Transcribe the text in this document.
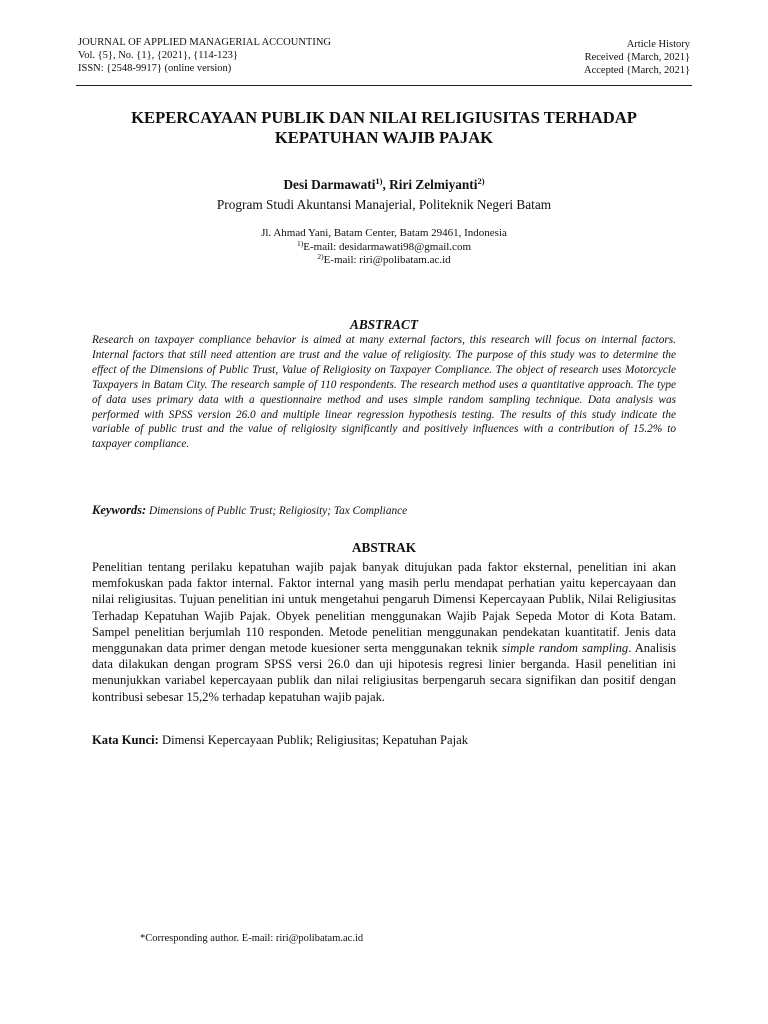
JOURNAL OF APPLIED MANAGERIAL ACCOUNTING
Vol. {5}, No. {1}, {2021}, {114-123}
ISSN: {2548-9917} (online version)
Article History
Received {March, 2021}
Accepted {March, 2021}
KEPERCAYAAN PUBLIK DAN NILAI RELIGIUSITAS TERHADAP
KEPATUHAN WAJIB PAJAK
Desi Darmawati$^{1)}$, Riri Zelmiyanti$^{2)}$
Program Studi Akuntansi Manajerial, Politeknik Negeri Batam
Jl. Ahmad Yani, Batam Center, Batam 29461, Indonesia
$^{1)}$E-mail: desidarmawati98@gmail.com
$^{2)}$E-mail: riri@polibatam.ac.id
ABSTRACT
Research on taxpayer compliance behavior is aimed at many external factors, this research will focus on internal factors. Internal factors that still need attention are trust and the value of religiosity. The purpose of this study was to determine the effect of the Dimensions of Public Trust, Value of Religiosity on Taxpayer Compliance. The object of research uses Motorcycle Taxpayers in Batam City. The research sample of 110 respondents. The research method uses a quantitative approach. The type of data uses primary data with a questionnaire method and uses simple random sampling technique. Data analysis was performed with SPSS version 26.0 and multiple linear regression hypothesis testing. The results of this study indicate the variable of public trust and the value of religiosity significantly and positively influences with a contribution of 15.2% to taxpayer compliance.
Keywords: Dimensions of Public Trust; Religiosity; Tax Compliance
ABSTRAK

Penelitian tentang perilaku kepatuhan wajib pajak banyak ditujukan pada faktor eksternal, penelitian ini akan memfokuskan pada faktor internal. Faktor internal yang masih perlu mendapat perhatian yaitu kepercayaan dan nilai religiusitas. Tujuan penelitian ini untuk mengetahui pengaruh Dimensi Kepercayaan Publik, Nilai Religiusitas Terhadap Kepatuhan Wajib Pajak. Obyek penelitian menggunakan Wajib Pajak Sepeda Motor di Kota Batam. Sampel penelitian berjumlah 110 responden. Metode penelitian menggunakan pendekatan kuantitatif. Jenis data menggunakan data primer dengan metode kuesioner serta menggunakan teknik simple random sampling. Analisis data dilakukan dengan program SPSS versi 26.0 dan uji hipotesis regresi linier berganda. Hasil penelitian ini menunjukkan variabel kepercayaan publik dan nilai religiusitas berpengaruh secara signifikan dan positif dengan kontribusi sebesar 15,2% terhadap kepatuhan wajib pajak.

Kata Kunci: Dimensi Kepercayaan Publik; Religiusitas; Kepatuhan Pajak
*Corresponding author. E-mail: riri@polibatam.ac.id
